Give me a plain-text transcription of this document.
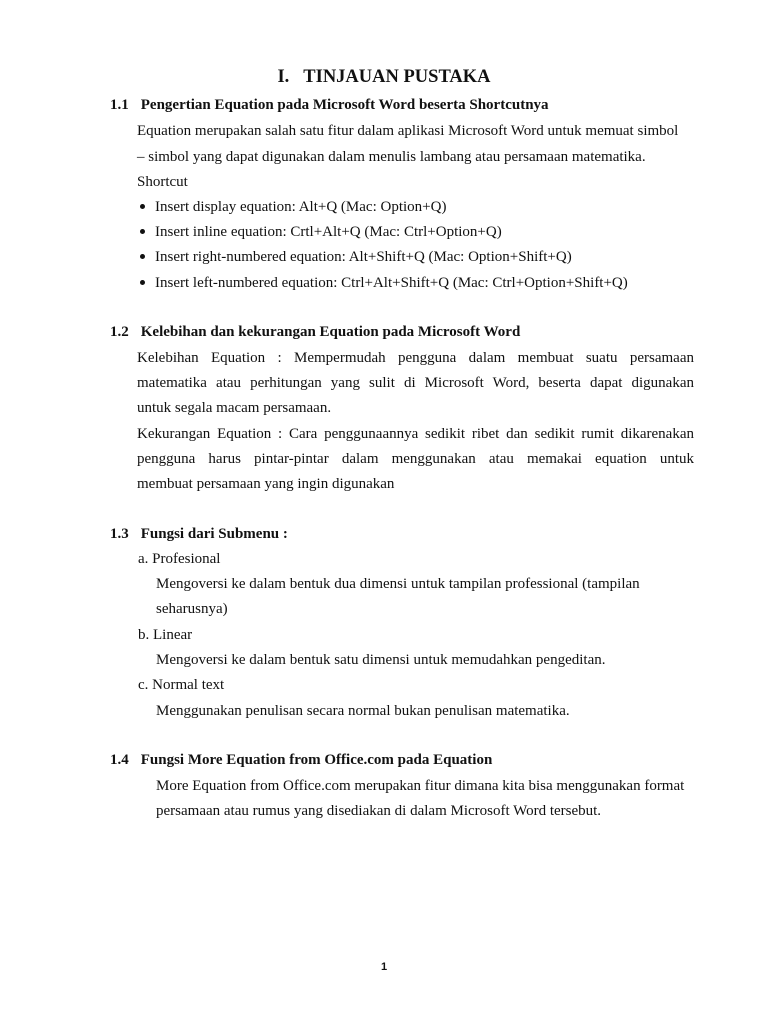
I. TINJAUAN PUSTAKA
1.1 Pengertian Equation pada Microsoft Word beserta Shortcutnya
Equation merupakan salah satu fitur dalam aplikasi Microsoft Word untuk memuat simbol
– simbol yang dapat digunakan dalam menulis lambang atau persamaan matematika.
Shortcut
Insert display equation: Alt+Q (Mac: Option+Q)
Insert inline equation: Crtl+Alt+Q (Mac: Ctrl+Option+Q)
Insert right-numbered equation: Alt+Shift+Q (Mac: Option+Shift+Q)
Insert left-numbered equation: Ctrl+Alt+Shift+Q (Mac: Ctrl+Option+Shift+Q)
1.2 Kelebihan dan kekurangan Equation pada Microsoft Word
Kelebihan Equation : Mempermudah pengguna dalam membuat suatu persamaan
matematika atau perhitungan yang sulit di Microsoft Word, beserta dapat digunakan
untuk segala macam persamaan.
Kekurangan Equation : Cara penggunaannya sedikit ribet dan sedikit rumit dikarenakan
pengguna harus pintar-pintar dalam menggunakan atau memakai equation untuk
membuat persamaan yang ingin digunakan
1.3 Fungsi dari Submenu :
a. Profesional
Mengoversi ke dalam bentuk dua dimensi untuk tampilan professional (tampilan
seharusnya)
b. Linear
Mengoversi ke dalam bentuk satu dimensi untuk memudahkan pengeditan.
c. Normal text
Menggunakan penulisan secara normal bukan penulisan matematika.
1.4 Fungsi More Equation from Office.com pada Equation
More Equation from Office.com merupakan fitur dimana kita bisa menggunakan format
persamaan atau rumus yang disediakan di dalam Microsoft Word tersebut.
1
